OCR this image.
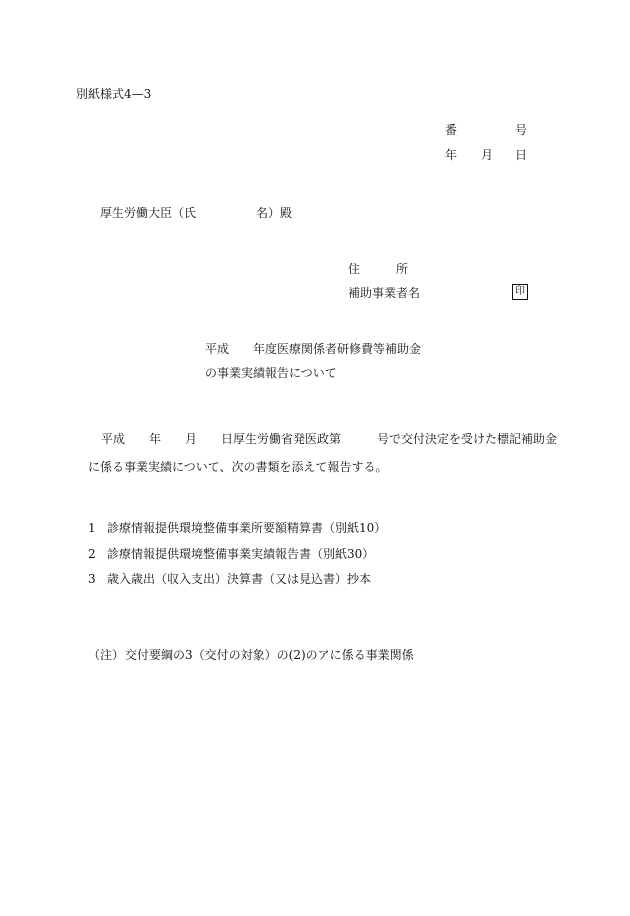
別紙様式4—3
番	号
年 月 日
厚生労働大臣（氏　　　　　名）殿
住　　　所
補助事業者名	印
平成　　年度医療関係者研修費等補助金
の事業実績報告について
平成　　年　　月　　日厚生労働省発医政第　　　号で交付決定を受けた標記補助金
に係る事業実績について、次の書類を添えて報告する。
1 診療情報提供環境整備事業所要額精算書（別紙10）
2 診療情報提供環境整備事業実績報告書（別紙30）
3 歳入歳出（収入支出）決算書（又は見込書）抄本
（注） 交付要綱の3（交付の対象）の(2)のアに係る事業関係
